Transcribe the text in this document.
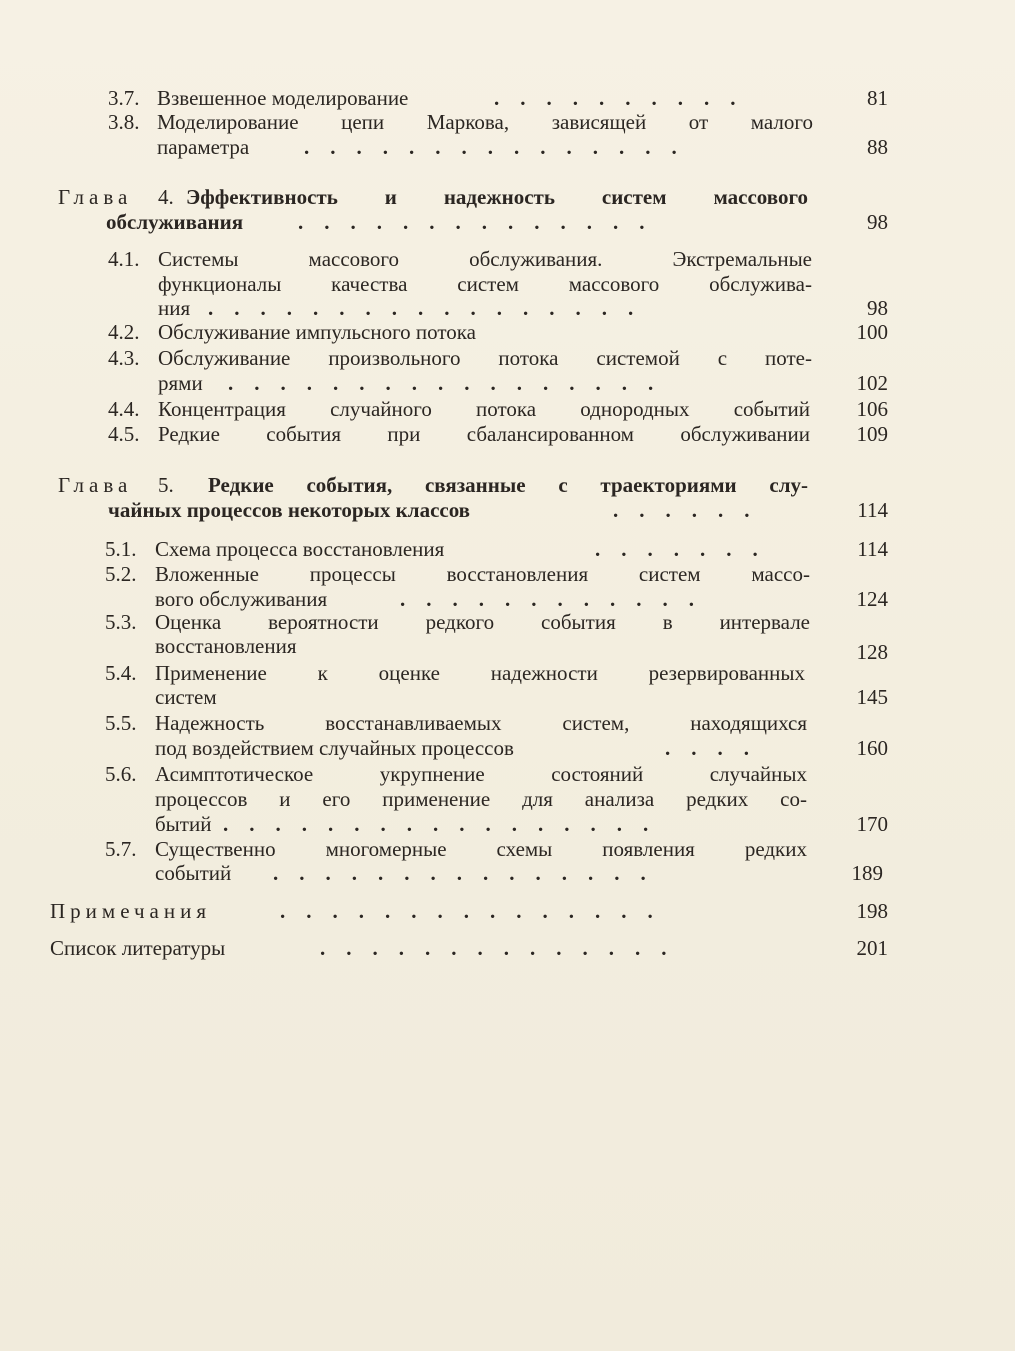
3.7. Взвешенное моделирование	.    .    .    .    .    .    .    .    .    .	81
3.8. Моделирование цепи Маркова, зависящей от малого
параметра	.    .    .    .    .    .    .    .    .    .    .    .    .    .    .	88
Глава 4. Эффективность и надежность систем массового
обслуживания	.    .    .    .    .    .    .    .    .    .    .    .    .    .	98
4.1. Системы массового обслуживания. Экстремальные
функционалы качества систем массового обслужива-
ния .    .    .    .    .    .    .    .    .    .    .    .    .    .    .    .    .	98
4.2. Обслуживание импульсного потока	100
4.3. Обслуживание произвольного потока системой с поте-
рями .    .    .    .    .    .    .    .    .    .    .    .    .    .    .    .    .	102
4.4. Концентрация случайного потока однородных событий	106
4.5. Редкие события при сбалансированном обслуживании	109
Глава 5. Редкие события, связанные с траекториями слу-
чайных процессов некоторых классов	.    .    .    .    .    .	114
5.1. Схема процесса восстановления	.    .    .    .    .    .    .	114
5.2. Вложенные процессы восстановления систем массо-
вого обслуживания	.    .    .    .    .    .    .    .    .    .    .    .	124
5.3. Оценка вероятности редкого события в интервале
восстановления	128
5.4. Применение к оценке надежности резервированных
систем	145
5.5. Надежность восстанавливаемых систем, находящихся
под воздействием случайных процессов	.    .    .    .	160
5.6. Асимптотическое укрупнение состояний случайных
процессов и его применение для анализа редких со-
бытий .    .    .    .    .    .    .    .    .    .    .    .    .    .    .    .    .	170
5.7. Существенно многомерные схемы появления редких
событий .    .    .    .    .    .    .    .    .    .    .    .    .    .    .	189
Примечания	.    .    .    .    .    .    .    .    .    .    .    .    .    .    .	198
Список литературы	.    .    .    .    .    .    .    .    .    .    .    .    .    .	201
